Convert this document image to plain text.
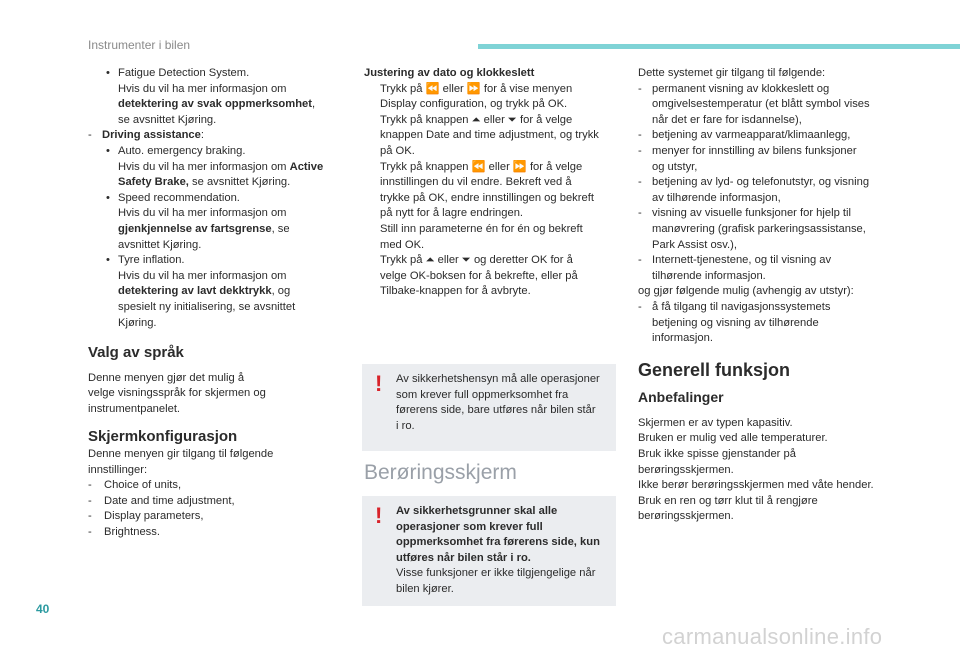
Instrumenter i bilen
• Fatigue Detection System.
Hvis du vil ha mer informasjon om
detektering av svak oppmerksomhet,
se avsnittet Kjøring.
- Driving assistance:
• Auto. emergency braking.
Hvis du vil ha mer informasjon om Active
Safety Brake, se avsnittet Kjøring.
• Speed recommendation.
Hvis du vil ha mer informasjon om
gjenkjennelse av fartsgrense, se
avsnittet Kjøring.
• Tyre inflation.
Hvis du vil ha mer informasjon om
detektering av lavt dekktrykk, og
spesielt ny initialisering, se avsnittet
Kjøring.
Valg av språk
Denne menyen gjør det mulig å
velge visningsspråk for skjermen og
instrumentpanelet.
Skjermkonfigurasjon
Denne menyen gir tilgang til følgende
innstillinger:
- Choice of units,
- Date and time adjustment,
- Display parameters,
- Brightness.
Justering av dato og klokkeslett
Trykk på ⏪ eller ⏩ for å vise menyen
Display configuration, og trykk på OK.
Trykk på knappen ⏶ eller ⏷ for å velge
knappen Date and time adjustment, og trykk
på OK.
Trykk på knappen ⏪ eller ⏩ for å velge
innstillingen du vil endre. Bekreft ved å
trykke på OK, endre innstillingen og bekreft
på nytt for å lagre endringen.
Still inn parameterne én for én og bekreft
med OK.
Trykk på ⏶ eller ⏷ og deretter OK for å
velge OK-boksen for å bekrefte, eller på
Tilbake-knappen for å avbryte.
! Av sikkerhetshensyn må alle operasjoner
som krever full oppmerksomhet fra
førerens side, bare utføres når bilen står
i ro.
Berøringsskjerm
! Av sikkerhetsgrunner skal alle
operasjoner som krever full
oppmerksomhet fra førerens side, kun
utføres når bilen står i ro.
Visse funksjoner er ikke tilgjengelige når
bilen kjører.
Dette systemet gir tilgang til følgende:
- permanent visning av klokkeslett og
omgivelsestemperatur (et blått symbol vises
når det er fare for isdannelse),
- betjening av varmeapparat/klimaanlegg,
- menyer for innstilling av bilens funksjoner
og utstyr,
- betjening av lyd- og telefonutstyr, og visning
av tilhørende informasjon,
- visning av visuelle funksjoner for hjelp til
manøvrering (grafisk parkeringsassistanse,
Park Assist osv.),
- Internett-tjenestene, og til visning av
tilhørende informasjon.
og gjør følgende mulig (avhengig av utstyr):
- å få tilgang til navigasjonssystemets
betjening og visning av tilhørende
informasjon.
Generell funksjon
Anbefalinger
Skjermen er av typen kapasitiv.
Bruken er mulig ved alle temperaturer.
Bruk ikke spisse gjenstander på
berøringsskjermen.
Ikke berør berøringsskjermen med våte hender.
Bruk en ren og tørr klut til å rengjøre
berøringsskjermen.
40
carmanualsonline.info
